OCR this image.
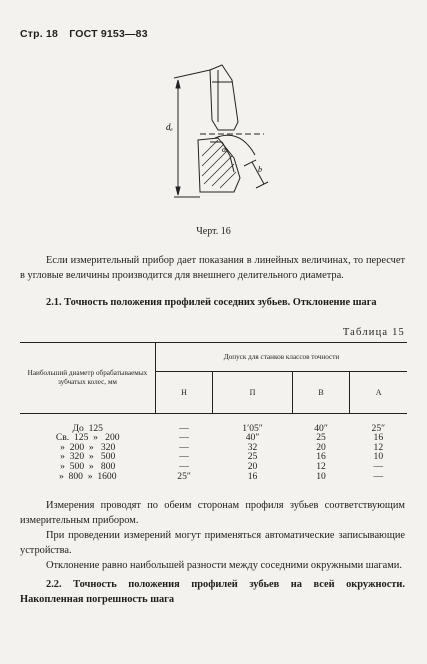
Стр. 18 ГОСТ 9153—83
dₑ
α
b
Черт. 16

Если измерительный прибор дает показания в линейных величинах, то пересчет в угловые величины производится для внешнего делительного диаметра.

2.1. Точность положения профилей соседних зубьев. Отклонение шага

Таблица 15
Наибольший диаметр обрабатываемых зубчатых колес, мм	Допуск для станков классов точности			
	Н	П	В	А

До  125	—	1′05″	40″	25″
Св.  125  »   200	—	40″	25	16
»  200  »   320	—	32	20	12
»  320  »   500	—	25	16	10
»  500  »   800	—	20	12	—
»  800  »  1600	25″	16	10	—

Измерения проводят по обеим сторонам профиля зубьев соответствующим измерительным прибором.

При проведении измерений могут применяться автоматические записывающие устройства.

Отклонение равно наибольшей разности между соседними окружными шагами.

2.2. Точность положения профилей зубьев на всей окружности. Накопленная погрешность шага
